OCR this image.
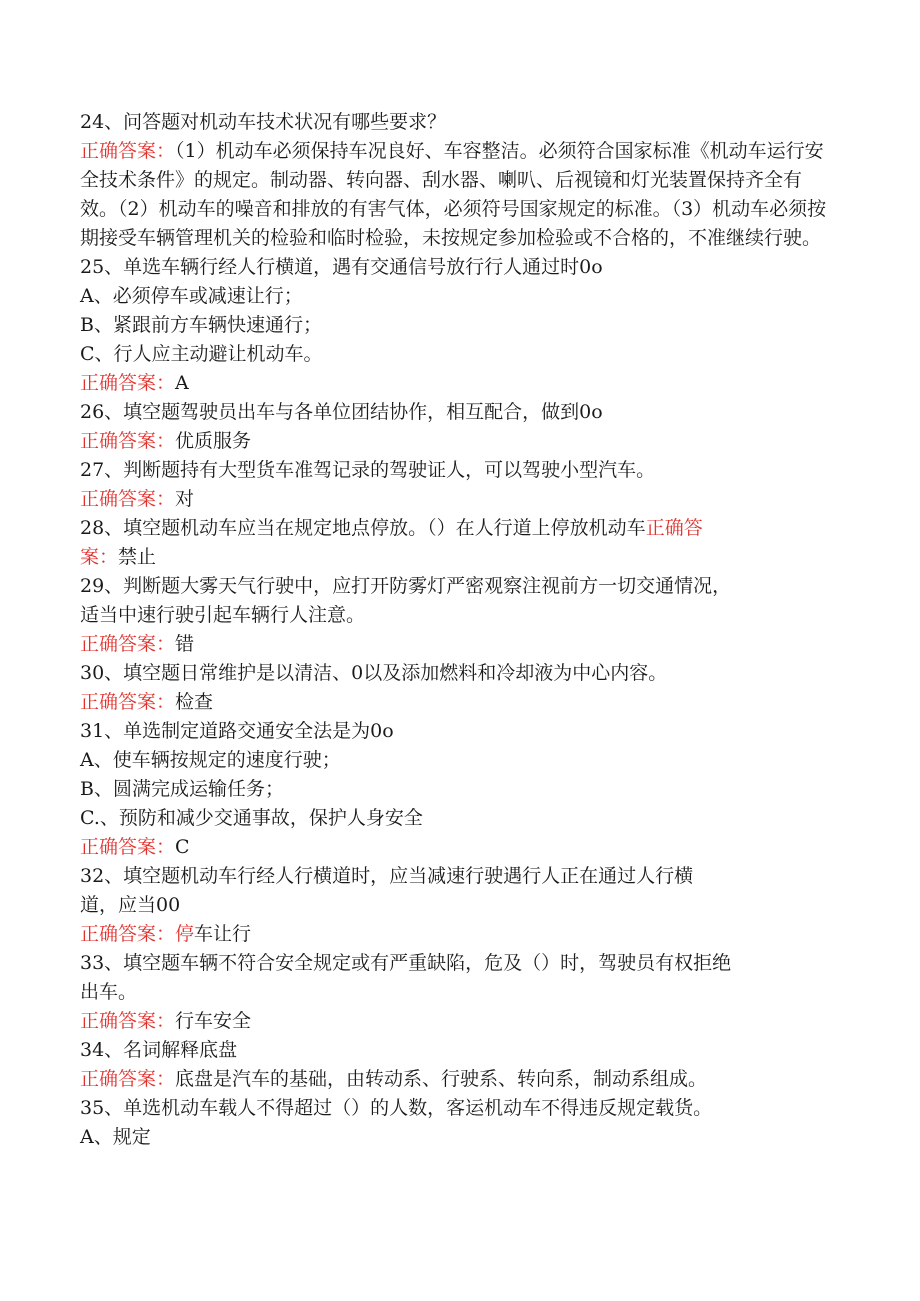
24、问答题对机动车技术状况有哪些要求？
正确答案：（1）机动车必须保持车况良好、车容整洁。必须符合国家标准《机动车运行安全技术条件》的规定。制动器、转向器、刮水器、喇叭、后视镜和灯光装置保持齐全有效。（2）机动车的噪音和排放的有害气体，必须符号国家规定的标准。（3）机动车必须按期接受车辆管理机关的检验和临时检验，未按规定参加检验或不合格的，不准继续行驶。
25、单选车辆行经人行横道，遇有交通信号放行行人通过时0o
A、必须停车或减速让行；
B、紧跟前方车辆快速通行；
C、行人应主动避让机动车。
正确答案：A
26、填空题驾驶员出车与各单位团结协作，相互配合，做到0o
正确答案：优质服务
27、判断题持有大型货车准驾记录的驾驶证人，可以驾驶小型汽车。
正确答案：对
28、填空题机动车应当在规定地点停放。（）在人行道上停放机动车正确答
案：禁止
29、判断题大雾天气行驶中，应打开防雾灯严密观察注视前方一切交通情况，
适当中速行驶引起车辆行人注意。
正确答案：错
30、填空题日常维护是以清洁、0以及添加燃料和冷却液为中心内容。
正确答案：检查
31、单选制定道路交通安全法是为0o
A、使车辆按规定的速度行驶；
B、圆满完成运输任务；
C.、预防和减少交通事故，保护人身安全
正确答案：C
32、填空题机动车行经人行横道时，应当减速行驶遇行人正在通过人行横
道，应当00
正确答案：停车让行
33、填空题车辆不符合安全规定或有严重缺陷，危及（）时，驾驶员有权拒绝
出车。
正确答案：行车安全
34、名词解释底盘
正确答案：底盘是汽车的基础，由转动系、行驶系、转向系，制动系组成。
35、单选机动车载人不得超过（）的人数，客运机动车不得违反规定载货。
A、规定
